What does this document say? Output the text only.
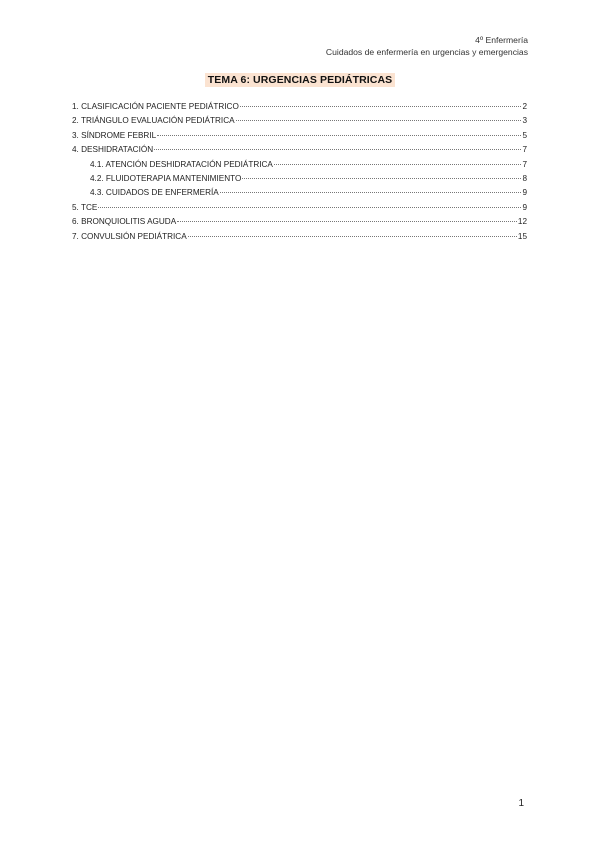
4º Enfermería
Cuidados de enfermería en urgencias y emergencias
TEMA 6: URGENCIAS PEDIÁTRICAS
1. CLASIFICACIÓN PACIENTE PEDIÁTRICO	2
2. TRIÁNGULO EVALUACIÓN PEDIÁTRICA	3
3. SÍNDROME FEBRIL	5
4. DESHIDRATACIÓN	7
4.1. ATENCIÓN DESHIDRATACIÓN PEDIÁTRICA	7
4.2. FLUIDOTERAPIA MANTENIMIENTO	8
4.3. CUIDADOS DE ENFERMERÍA	9
5. TCE	9
6. BRONQUIOLITIS AGUDA	12
7. CONVULSIÓN PEDIÁTRICA	15
1
